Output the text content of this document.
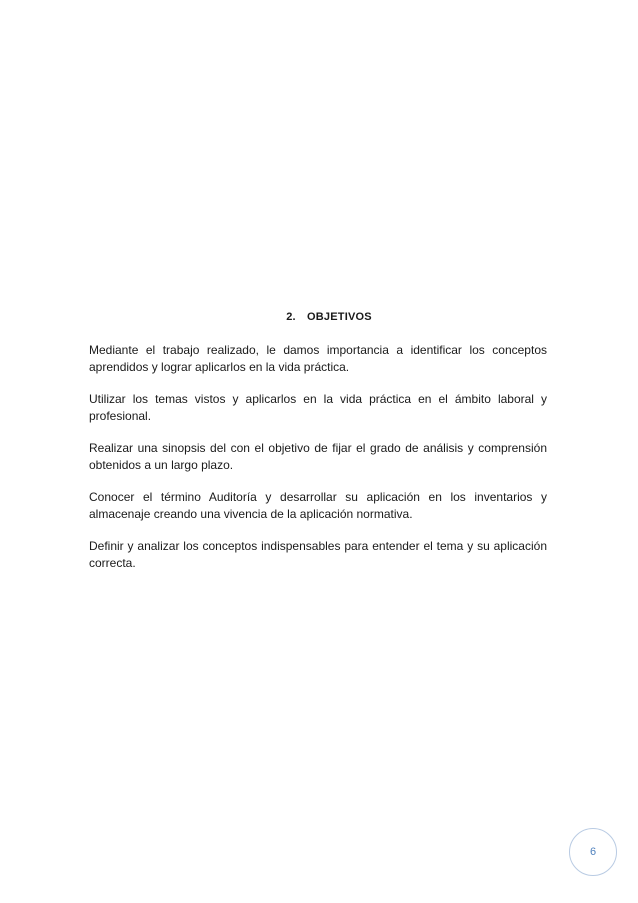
2. OBJETIVOS

Mediante el trabajo realizado, le damos importancia a identificar los conceptos aprendidos y lograr aplicarlos en la vida práctica.

Utilizar los temas vistos y aplicarlos en la vida práctica en el ámbito laboral y profesional.

Realizar una sinopsis del con el objetivo de fijar el grado de análisis y comprensión obtenidos a un largo plazo.

Conocer el término Auditoría y desarrollar su aplicación en los inventarios y almacenaje creando una vivencia de la aplicación normativa.

Definir y analizar los conceptos indispensables para entender el tema y su aplicación correcta.

6
